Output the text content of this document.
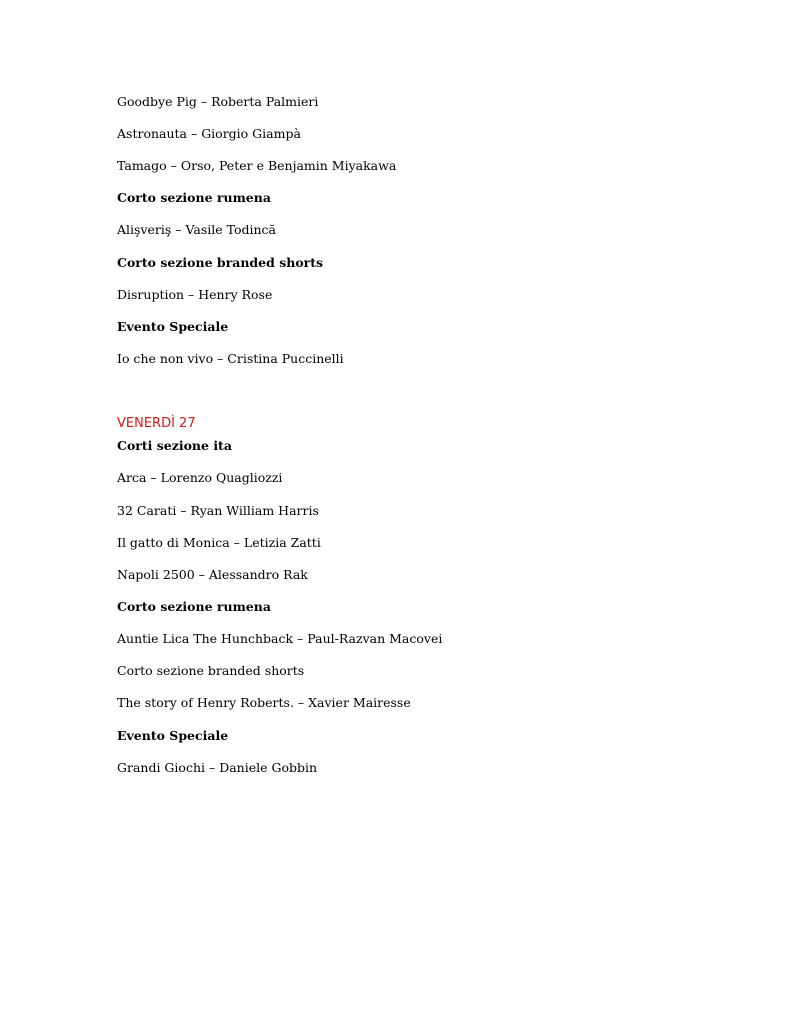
Goodbye Pig – Roberta Palmieri
Astronauta – Giorgio Giampà
Tamago – Orso, Peter e Benjamin Miyakawa
Corto sezione rumena
Alişveriş – Vasile Todincă
Corto sezione branded shorts
Disruption – Henry Rose
Evento Speciale
Io che non vivo – Cristina Puccinelli
VENERDÌ 27
Corti sezione ita
Arca – Lorenzo Quagliozzi
32 Carati – Ryan William Harris
Il gatto di Monica – Letizia Zatti
Napoli 2500 – Alessandro Rak
Corto sezione rumena
Auntie Lica The Hunchback – Paul-Razvan Macovei
Corto sezione branded shorts
The story of Henry Roberts. – Xavier Mairesse
Evento Speciale
Grandi Giochi – Daniele Gobbin
